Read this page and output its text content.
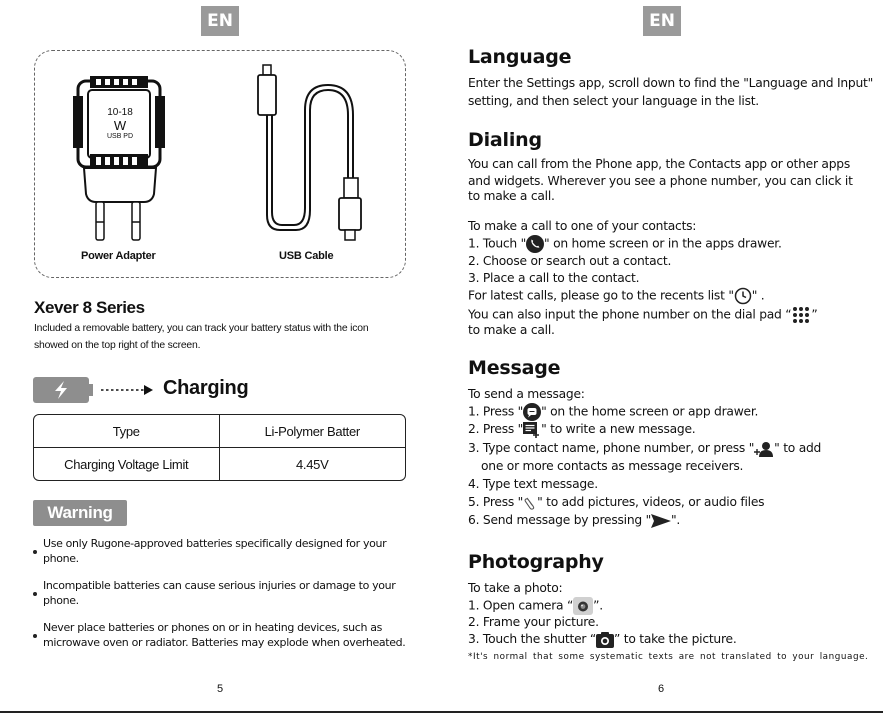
EN
10-18
W
USB PD
Power Adapter	USB Cable
Xever 8 Series
Included a removable battery, you can track your battery status with the icon
showed on the top right of the screen.
Charging
Type	Li-Polymer Batter
Charging Voltage Limit	4.45V
Warning
Use only Rugone-approved batteries specifically designed for your
phone.
Incompatible batteries can cause serious injuries or damage to your
phone.
Never place batteries or phones on or in heating devices, such as
microwave oven or radiator. Batteries may explode when overheated.
5
EN
Language
Enter the Settings app, scroll down to find the "Language and Input"
setting, and then select your language in the list.
Dialing
You can call from the Phone app, the Contacts app or other apps
and widgets. Wherever you see a phone number, you can click it
to make a call.
To make a call to one of your contacts:
1. Touch " " on home screen or in the apps drawer.
2. Choose or search out a contact.
3. Place a call to the contact.
For latest calls, please go to the recents list " " .
You can also input the phone number on the dial pad “ ”
to make a call.
Message
To send a message:
1. Press " " on the home screen or app drawer.
2. Press " " to write a new message.
3. Type contact name, phone number, or press " " to add
one or more contacts as message receivers.
4. Type text message.
5. Press " " to add pictures, videos, or audio files
6. Send message by pressing " ".
Photography
To take a photo:
1. Open camera “ ”.
2. Frame your picture.
3. Touch the shutter “ ” to take the picture.
*It's normal that some systematic texts are not translated to your language.
6
